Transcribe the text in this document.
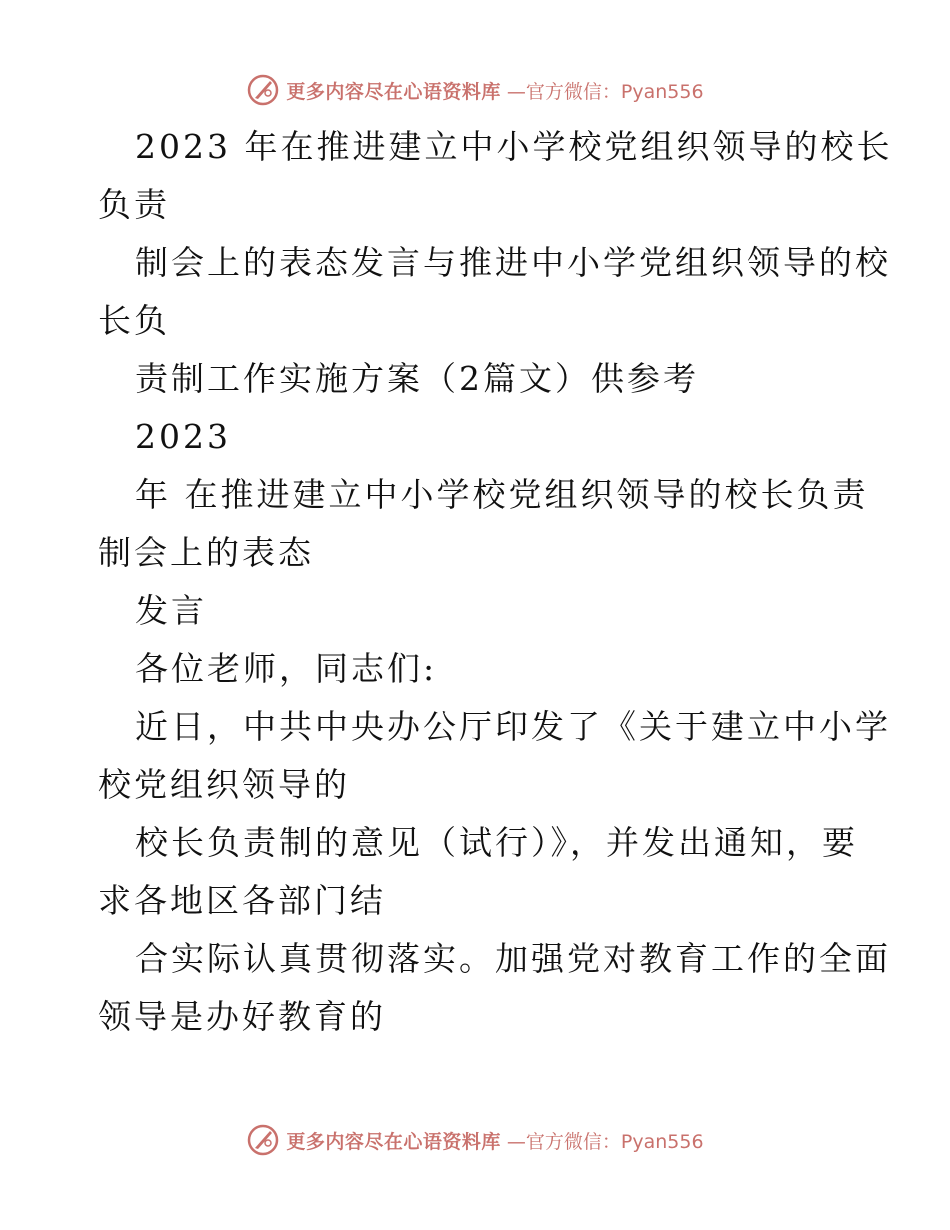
更多内容尽在心语资料库 —官方微信：Pyan556
2023 年在推进建立中小学校党组织领导的校长
负责
制会上的表态发言与推进中小学党组织领导的校
长负
责制工作实施方案（2篇文）供参考
2023
年 在推进建立中小学校党组织领导的校长负责
制会上的表态
发言
各位老师，同志们:
近日，中共中央办公厅印发了《关于建立中小学
校党组织领导的
校长负责制的意见（试行）》，并发出通知，要
求各地区各部门结
合实际认真贯彻落实。加强党对教育工作的全面
领导是办好教育的
更多内容尽在心语资料库 —官方微信：Pyan556
